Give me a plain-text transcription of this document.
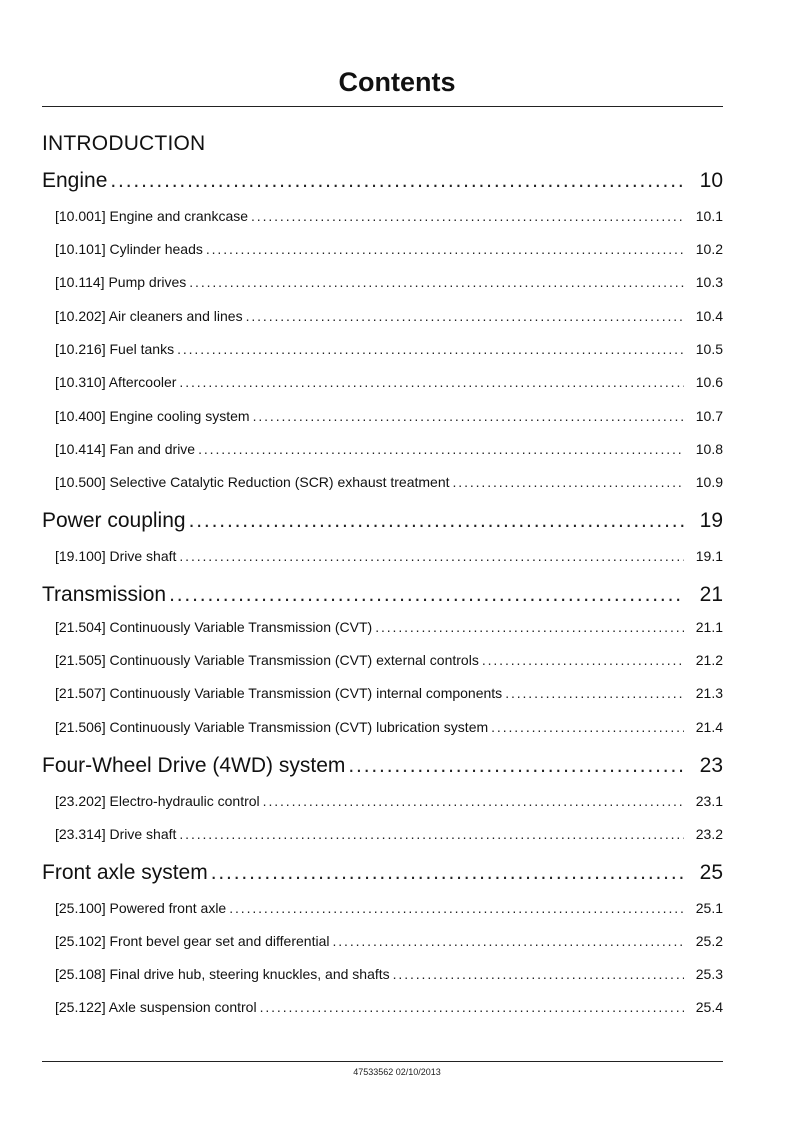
Contents
INTRODUCTION
Engine . . .	10
[10.001] Engine and crankcase . . .	10.1
[10.101] Cylinder heads . . .	10.2
[10.114] Pump drives . . .	10.3
[10.202] Air cleaners and lines . . .	10.4
[10.216] Fuel tanks . . .	10.5
[10.310] Aftercooler . . .	10.6
[10.400] Engine cooling system . . .	10.7
[10.414] Fan and drive . . .	10.8
[10.500] Selective Catalytic Reduction (SCR) exhaust treatment . . .	10.9
Power coupling . . .	19
[19.100] Drive shaft . . .	19.1
Transmission . . .	21
[21.504] Continuously Variable Transmission (CVT) . . .	21.1
[21.505] Continuously Variable Transmission (CVT) external controls . . .	21.2
[21.507] Continuously Variable Transmission (CVT) internal components . . .	21.3
[21.506] Continuously Variable Transmission (CVT) lubrication system . . .	21.4
Four-Wheel Drive (4WD) system . . .	23
[23.202] Electro-hydraulic control . . .	23.1
[23.314] Drive shaft . . .	23.2
Front axle system . . .	25
[25.100] Powered front axle . . .	25.1
[25.102] Front bevel gear set and differential . . .	25.2
[25.108] Final drive hub, steering knuckles, and shafts . . .	25.3
[25.122] Axle suspension control . . .	25.4
47533562 02/10/2013
